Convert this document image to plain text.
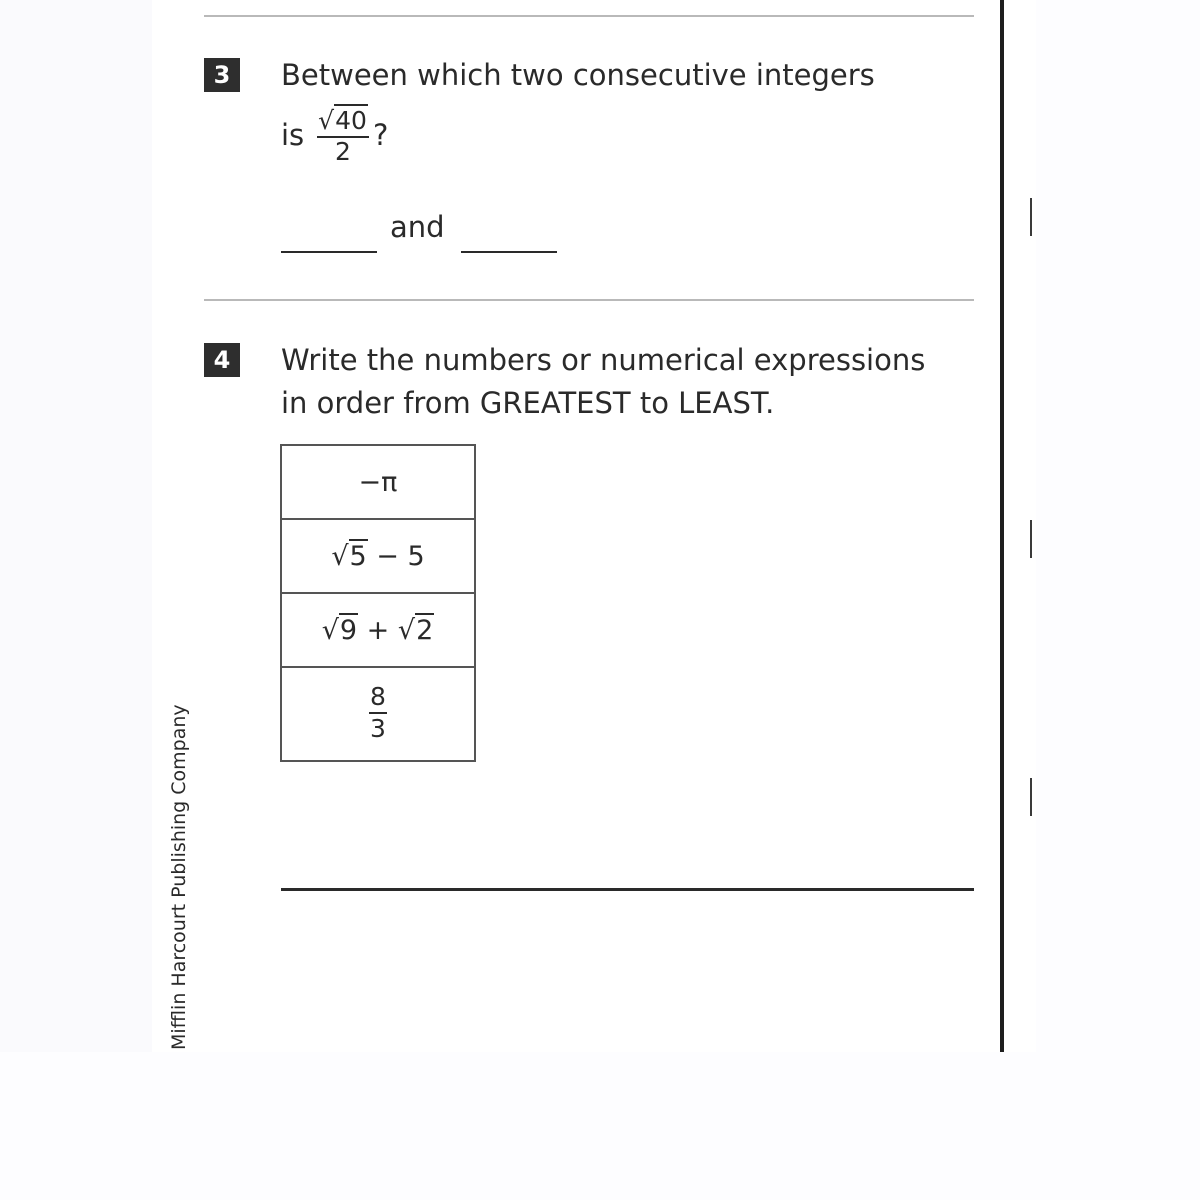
3	Between which two consecutive integers
is √40
2 ?
and
4	Write the numbers or numerical expressions
in order from GREATEST to LEAST.
−π
√5 − 5
√9 + √2
$\frac{8}{3}$
Mifflin Harcourt Publishing Company
